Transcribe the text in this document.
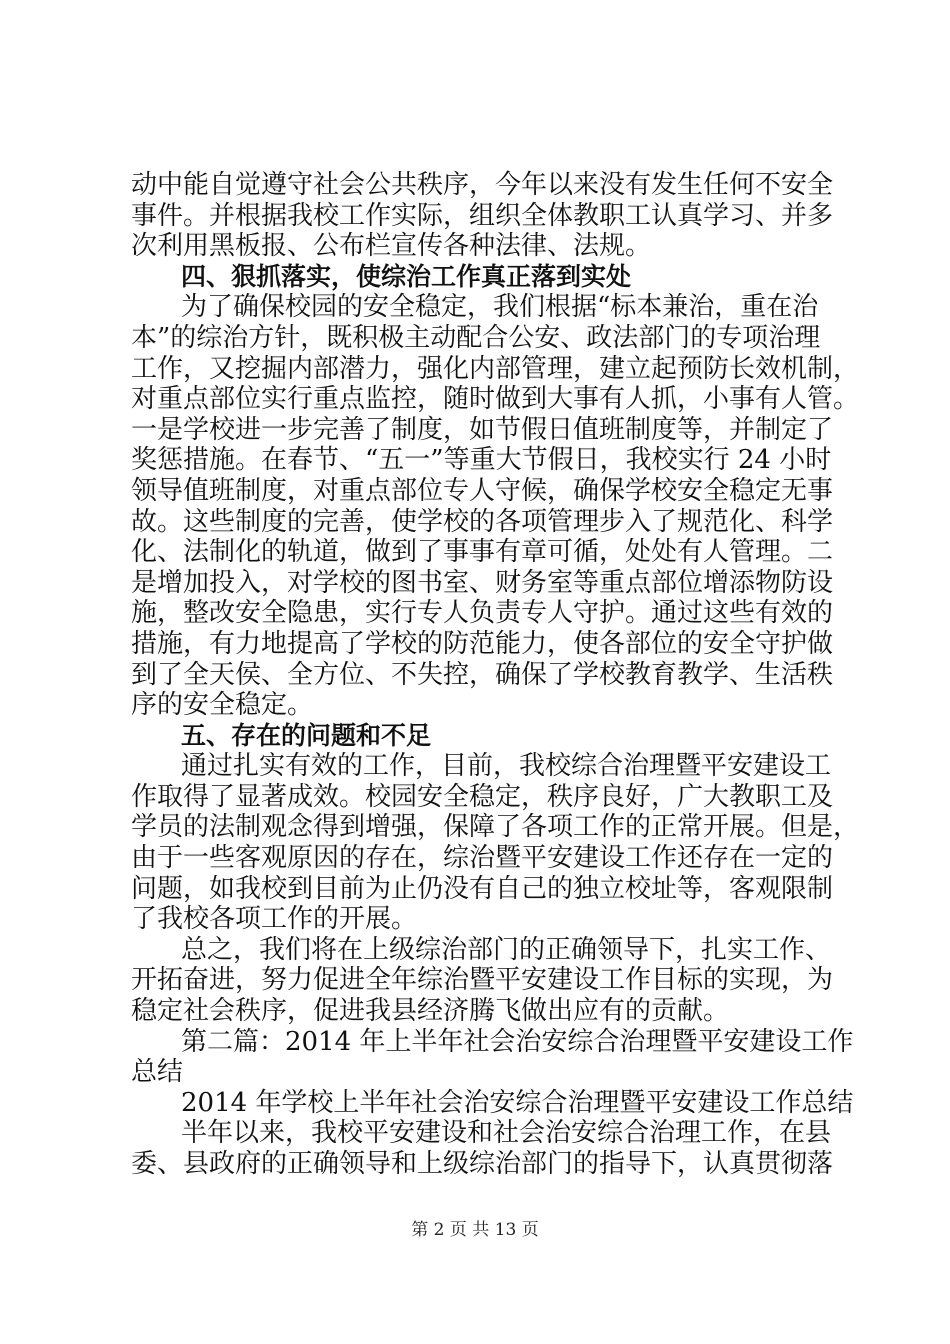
动中能自觉遵守社会公共秩序，今年以来没有发生任何不安全
事件。并根据我校工作实际，组织全体教职工认真学习、并多
次利用黑板报、公布栏宣传各种法律、法规。
四、狠抓落实，使综治工作真正落到实处
为了确保校园的安全稳定，我们根据“标本兼治，重在治
本”的综治方针，既积极主动配合公安、政法部门的专项治理
工作，又挖掘内部潜力，强化内部管理，建立起预防长效机制，
对重点部位实行重点监控，随时做到大事有人抓，小事有人管。
一是学校进一步完善了制度，如节假日值班制度等，并制定了
奖惩措施。在春节、“五一”等重大节假日，我校实行 24 小时
领导值班制度，对重点部位专人守候，确保学校安全稳定无事
故。这些制度的完善，使学校的各项管理步入了规范化、科学
化、法制化的轨道，做到了事事有章可循，处处有人管理。二
是增加投入，对学校的图书室、财务室等重点部位增添物防设
施，整改安全隐患，实行专人负责专人守护。通过这些有效的
措施，有力地提高了学校的防范能力，使各部位的安全守护做
到了全天侯、全方位、不失控，确保了学校教育教学、生活秩
序的安全稳定。
五、存在的问题和不足
通过扎实有效的工作，目前，我校综合治理暨平安建设工
作取得了显著成效。校园安全稳定，秩序良好，广大教职工及
学员的法制观念得到增强，保障了各项工作的正常开展。但是，
由于一些客观原因的存在，综治暨平安建设工作还存在一定的
问题，如我校到目前为止仍没有自己的独立校址等，客观限制
了我校各项工作的开展。
总之，我们将在上级综治部门的正确领导下，扎实工作、
开拓奋进，努力促进全年综治暨平安建设工作目标的实现，为
稳定社会秩序，促进我县经济腾飞做出应有的贡献。
第二篇：2014 年上半年社会治安综合治理暨平安建设工作
总结
2014 年学校上半年社会治安综合治理暨平安建设工作总结
半年以来，我校平安建设和社会治安综合治理工作，在县
委、县政府的正确领导和上级综治部门的指导下，认真贯彻落
第 2 页 共 13 页
